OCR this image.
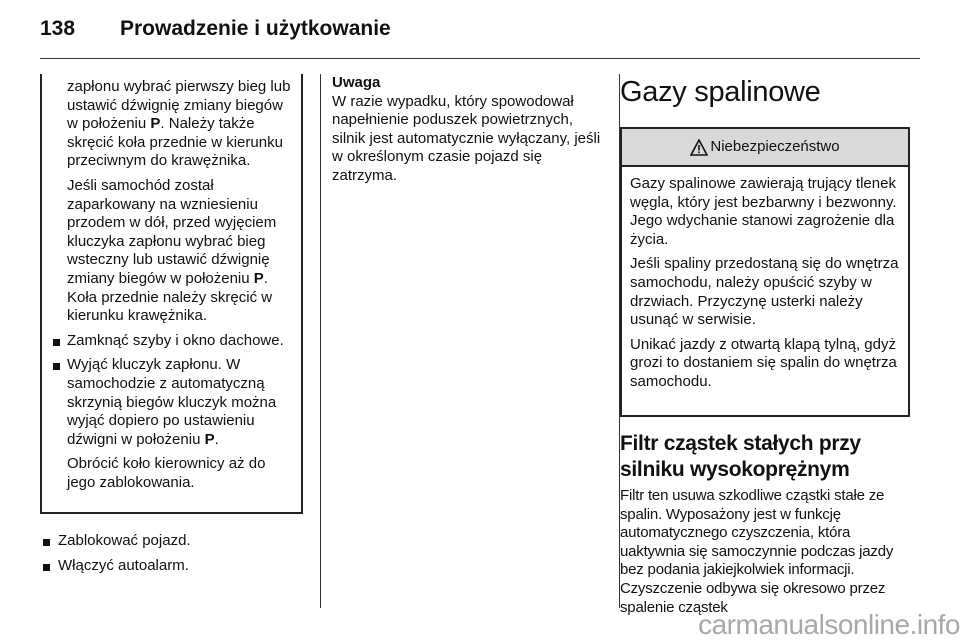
138 Prowadzenie i użytkowanie

zapłonu wybrać pierwszy bieg lub ustawić dźwignię zmiany biegów w położeniu P. Należy także skręcić koła przednie w kierunku przeciwnym do krawężnika.

Jeśli samochód został zaparkowany na wzniesieniu przodem w dół, przed wyjęciem kluczyka zapłonu wybrać bieg wsteczny lub ustawić dźwignię zmiany biegów w położeniu P. Koła przednie należy skręcić w kierunku krawężnika.

Zamknąć szyby i okno dachowe.
Wyjąć kluczyk zapłonu. W samochodzie z automatyczną skrzynią biegów kluczyk można wyjąć dopiero po ustawieniu dźwigni w położeniu P.

Obrócić koło kierownicy aż do jego zablokowania.

Zablokować pojazd.
Włączyć autoalarm.
Uwaga

W razie wypadku, który spowodował napełnienie poduszek powietrznych, silnik jest automatycznie wyłączany, jeśli w określonym czasie pojazd się zatrzyma.

Gazy spalinowe
Niebezpieczeństwo

Gazy spalinowe zawierają trujący tlenek węgla, który jest bezbarwny i bezwonny. Jego wdychanie stanowi zagrożenie dla życia.

Jeśli spaliny przedostaną się do wnętrza samochodu, należy opuścić szyby w drzwiach. Przyczynę usterki należy usunąć w serwisie.

Unikać jazdy z otwartą klapą tylną, gdyż grozi to dostaniem się spalin do wnętrza samochodu.

Filtr cząstek stałych przy silniku wysokoprężnym

Filtr ten usuwa szkodliwe cząstki stałe ze spalin. Wyposażony jest w funkcję automatycznego czyszczenia, która uaktywnia się samoczynnie podczas jazdy bez podania jakiejkolwiek informacji. Czyszczenie odbywa się okresowo przez spalenie cząstek

carmanualsonline.info
